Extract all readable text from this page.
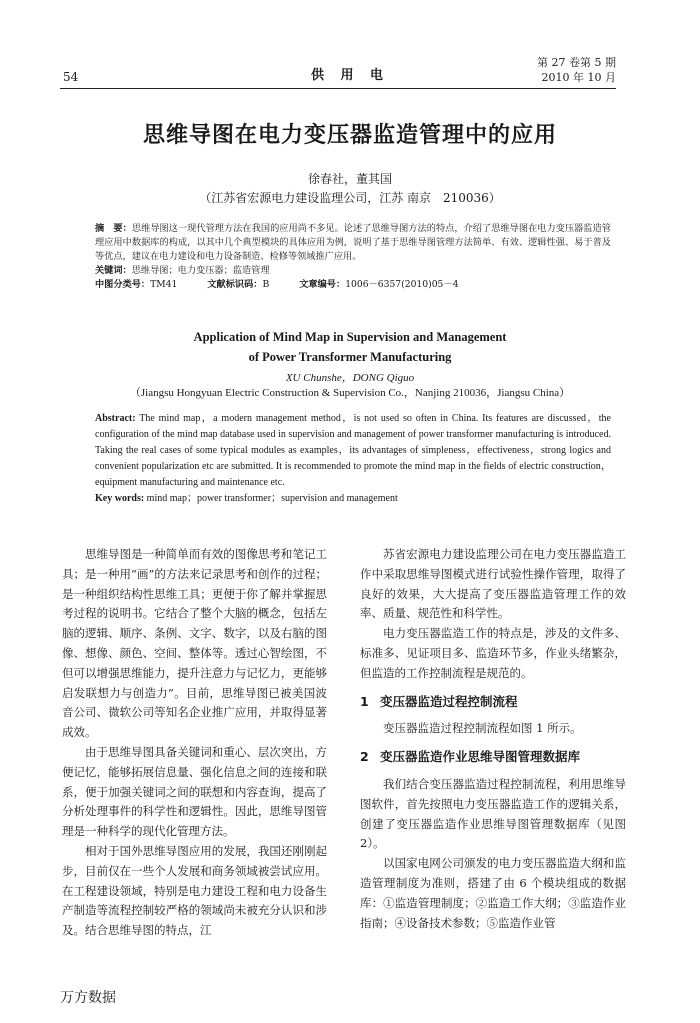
54	供 用 电
第 27 卷第 5 期
2010 年 10 月
思维导图在电力变压器监造管理中的应用
徐春社，董其国
（江苏省宏源电力建设监理公司，江苏 南京　210036）

摘　要：思维导图这一现代管理方法在我国的应用尚不多见。论述了思维导图方法的特点，介绍了思维导图在电力变压器监造管理应用中数据库的构成，以其中几个典型模块的具体应用为例，说明了基于思维导图管理方法简单、有效、逻辑性强、易于普及等优点，建议在电力建设和电力设备制造、检修等领域推广应用。

关键词：思维导图；电力变压器；监造管理

中图分类号：TM41	文献标识码：B	文章编号：1006－6357(2010)05－4

Application of Mind Map in Supervision and Management
of Power Transformer Manufacturing
XU Chunshe，DONG Qiguo
（Jiangsu Hongyuan Electric Construction & Supervision Co.，Nanjing 210036，Jiangsu China）

Abstract: The mind map，a modern management method，is not used so often in China. Its features are discussed，the configuration of the mind map database used in supervision and management of power transformer manufacturing is introduced. Taking the real cases of some typical modules as examples，its advantages of simpleness，effectiveness，strong logics and convenient popularization etc are submitted. It is recommended to promote the mind map in the fields of electric construction，equipment manufacturing and maintenance etc.

Key words: mind map；power transformer；supervision and management

思维导图是一种简单而有效的图像思考和笔记工具；是一种用“画”的方法来记录思考和创作的过程；是一种组织结构性思维工具；更便于你了解并掌握思考过程的说明书。它结合了整个大脑的概念，包括左脑的逻辑、顺序、条例、文字、数字，以及右脑的图像、想像、颜色、空间、整体等。透过心智绘图，不但可以增强思维能力，提升注意力与记忆力，更能够启发联想力与创造力”。目前，思维导图已被美国波音公司、微软公司等知名企业推广应用，并取得显著成效。

由于思维导图具备关键词和重心、层次突出，方便记忆，能够拓展信息量、强化信息之间的连接和联系，便于加强关键词之间的联想和内容查询，提高了分析处理事件的科学性和逻辑性。因此，思维导图管理是一种科学的现代化管理方法。

相对于国外思维导图应用的发展，我国还刚刚起步，目前仅在一些个人发展和商务领域被尝试应用。在工程建设领域，特别是电力建设工程和电力设备生产制造等流程控制较严格的领域尚未被充分认识和涉及。结合思维导图的特点，江

苏省宏源电力建设监理公司在电力变压器监造工作中采取思维导图模式进行试验性操作管理，取得了良好的效果，大大提高了变压器监造管理工作的效率、质量、规范性和科学性。

电力变压器监造工作的特点是，涉及的文件多、标准多、见证项目多、监造环节多，作业头绪繁杂，但监造的工作控制流程是规范的。

1 变压器监造过程控制流程

变压器监造过程控制流程如图 1 所示。

2 变压器监造作业思维导图管理数据库

我们结合变压器监造过程控制流程，利用思维导图软件，首先按照电力变压器监造工作的逻辑关系，创建了变压器监造作业思维导图管理数据库（见图 2）。

以国家电网公司颁发的电力变压器监造大纲和监造管理制度为准则，搭建了由 6 个模块组成的数据库：①监造管理制度；②监造工作大纲；③监造作业指南；④设备技术参数；⑤监造作业管

万方数据
